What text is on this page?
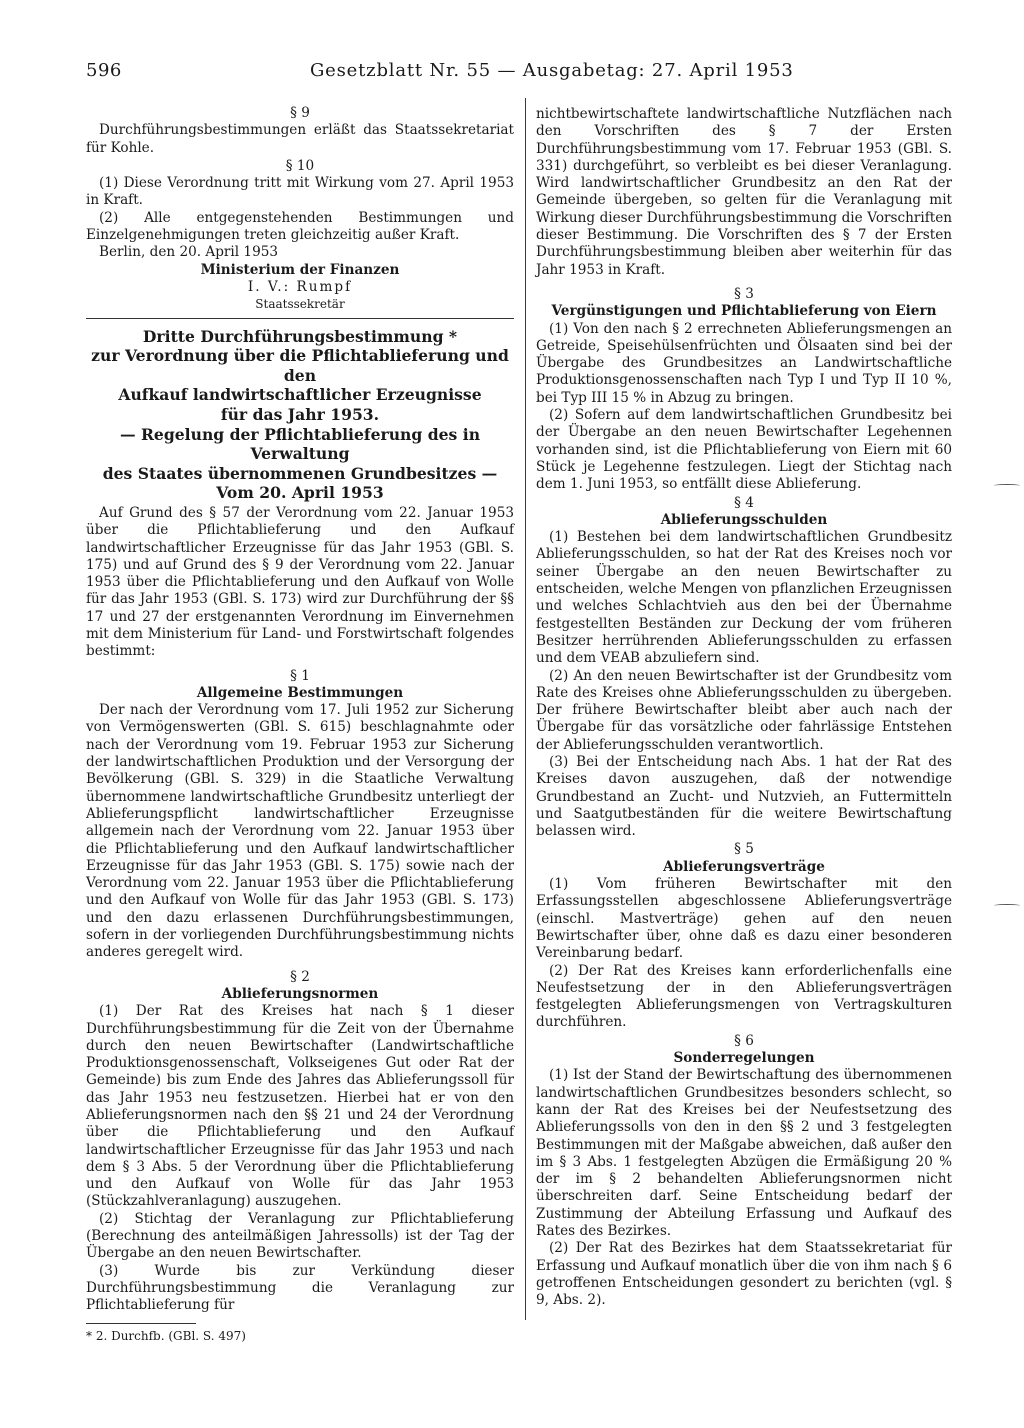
596	Gesetzblatt Nr. 55 — Ausgabetag: 27. April 1953
§ 9

Durchführungsbestimmungen erläßt das Staatssekretariat für Kohle.

§ 10

(1) Diese Verordnung tritt mit Wirkung vom 27. April 1953 in Kraft.

(2) Alle entgegenstehenden Bestimmungen und Einzelgenehmigungen treten gleichzeitig außer Kraft.

Berlin, den 20. April 1953

Ministerium der Finanzen
I. V.: Rumpf
Staatssekretär
Dritte Durchführungsbestimmung *
zur Verordnung über die Pflichtablieferung und den
Aufkauf landwirtschaftlicher Erzeugnisse
für das Jahr 1953.
— Regelung der Pflichtablieferung des in Verwaltung
des Staates übernommenen Grundbesitzes —
Vom 20. April 1953

Auf Grund des § 57 der Verordnung vom 22. Januar 1953 über die Pflichtablieferung und den Aufkauf landwirtschaftlicher Erzeugnisse für das Jahr 1953 (GBl. S. 175) und auf Grund des § 9 der Verordnung vom 22. Januar 1953 über die Pflichtablieferung und den Aufkauf von Wolle für das Jahr 1953 (GBl. S. 173) wird zur Durchführung der §§ 17 und 27 der erstgenannten Verordnung im Einvernehmen mit dem Ministerium für Land- und Forstwirtschaft folgendes bestimmt:

§ 1
Allgemeine Bestimmungen

Der nach der Verordnung vom 17. Juli 1952 zur Sicherung von Vermögenswerten (GBl. S. 615) beschlagnahmte oder nach der Verordnung vom 19. Februar 1953 zur Sicherung der landwirtschaftlichen Produktion und der Versorgung der Bevölkerung (GBl. S. 329) in die Staatliche Verwaltung übernommene landwirtschaftliche Grundbesitz unterliegt der Ablieferungspflicht landwirtschaftlicher Erzeugnisse allgemein nach der Verordnung vom 22. Januar 1953 über die Pflichtablieferung und den Aufkauf landwirtschaftlicher Erzeugnisse für das Jahr 1953 (GBl. S. 175) sowie nach der Verordnung vom 22. Januar 1953 über die Pflichtablieferung und den Aufkauf von Wolle für das Jahr 1953 (GBl. S. 173) und den dazu erlassenen Durchführungsbestimmungen, sofern in der vorliegenden Durchführungsbestimmung nichts anderes geregelt wird.

§ 2
Ablieferungsnormen

(1) Der Rat des Kreises hat nach § 1 dieser Durchführungsbestimmung für die Zeit von der Übernahme durch den neuen Bewirtschafter (Landwirtschaftliche Produktionsgenossenschaft, Volkseigenes Gut oder Rat der Gemeinde) bis zum Ende des Jahres das Ablieferungssoll für das Jahr 1953 neu festzusetzen. Hierbei hat er von den Ablieferungsnormen nach den §§ 21 und 24 der Verordnung über die Pflichtablieferung und den Aufkauf landwirtschaftlicher Erzeugnisse für das Jahr 1953 und nach dem § 3 Abs. 5 der Verordnung über die Pflichtablieferung und den Aufkauf von Wolle für das Jahr 1953 (Stückzahlveranlagung) auszugehen.

(2) Stichtag der Veranlagung zur Pflichtablieferung (Berechnung des anteilmäßigen Jahressolls) ist der Tag der Übergabe an den neuen Bewirtschafter.

(3) Wurde bis zur Verkündung dieser Durchführungsbestimmung die Veranlagung zur Pflichtablieferung für

* 2. Durchfb. (GBl. S. 497)

nichtbewirtschaftete landwirtschaftliche Nutzflächen nach den Vorschriften des § 7 der Ersten Durchführungsbestimmung vom 17. Februar 1953 (GBl. S. 331) durchgeführt, so verbleibt es bei dieser Veranlagung. Wird landwirtschaftlicher Grundbesitz an den Rat der Gemeinde übergeben, so gelten für die Veranlagung mit Wirkung dieser Durchführungsbestimmung die Vorschriften dieser Bestimmung. Die Vorschriften des § 7 der Ersten Durchführungsbestimmung bleiben aber weiterhin für das Jahr 1953 in Kraft.

§ 3
Vergünstigungen und Pflichtablieferung von Eiern

(1) Von den nach § 2 errechneten Ablieferungsmengen an Getreide, Speisehülsenfrüchten und Ölsaaten sind bei der Übergabe des Grundbesitzes an Landwirtschaftliche Produktionsgenossenschaften nach Typ I und Typ II 10 %, bei Typ III 15 % in Abzug zu bringen.

(2) Sofern auf dem landwirtschaftlichen Grundbesitz bei der Übergabe an den neuen Bewirtschafter Legehennen vorhanden sind, ist die Pflichtablieferung von Eiern mit 60 Stück je Legehenne festzulegen. Liegt der Stichtag nach dem 1. Juni 1953, so entfällt diese Ablieferung.

§ 4
Ablieferungsschulden

(1) Bestehen bei dem landwirtschaftlichen Grundbesitz Ablieferungsschulden, so hat der Rat des Kreises noch vor seiner Übergabe an den neuen Bewirtschafter zu entscheiden, welche Mengen von pflanzlichen Erzeugnissen und welches Schlachtvieh aus den bei der Übernahme festgestellten Beständen zur Deckung der vom früheren Besitzer herrührenden Ablieferungsschulden zu erfassen und dem VEAB abzuliefern sind.

(2) An den neuen Bewirtschafter ist der Grundbesitz vom Rate des Kreises ohne Ablieferungsschulden zu übergeben. Der frühere Bewirtschafter bleibt aber auch nach der Übergabe für das vorsätzliche oder fahrlässige Entstehen der Ablieferungsschulden verantwortlich.

(3) Bei der Entscheidung nach Abs. 1 hat der Rat des Kreises davon auszugehen, daß der notwendige Grundbestand an Zucht- und Nutzvieh, an Futtermitteln und Saatgutbeständen für die weitere Bewirtschaftung belassen wird.

§ 5
Ablieferungsverträge

(1) Vom früheren Bewirtschafter mit den Erfassungsstellen abgeschlossene Ablieferungsverträge (einschl. Mastverträge) gehen auf den neuen Bewirtschafter über, ohne daß es dazu einer besonderen Vereinbarung bedarf.

(2) Der Rat des Kreises kann erforderlichenfalls eine Neufestsetzung der in den Ablieferungsverträgen festgelegten Ablieferungsmengen von Vertragskulturen durchführen.

§ 6
Sonderregelungen

(1) Ist der Stand der Bewirtschaftung des übernommenen landwirtschaftlichen Grundbesitzes besonders schlecht, so kann der Rat des Kreises bei der Neufestsetzung des Ablieferungssolls von den in den §§ 2 und 3 festgelegten Bestimmungen mit der Maßgabe abweichen, daß außer den im § 3 Abs. 1 festgelegten Abzügen die Ermäßigung 20 % der im § 2 behandelten Ablieferungsnormen nicht überschreiten darf. Seine Entscheidung bedarf der Zustimmung der Abteilung Erfassung und Aufkauf des Rates des Bezirkes.

(2) Der Rat des Bezirkes hat dem Staatssekretariat für Erfassung und Aufkauf monatlich über die von ihm nach § 6 getroffenen Entscheidungen gesondert zu berichten (vgl. § 9, Abs. 2).
